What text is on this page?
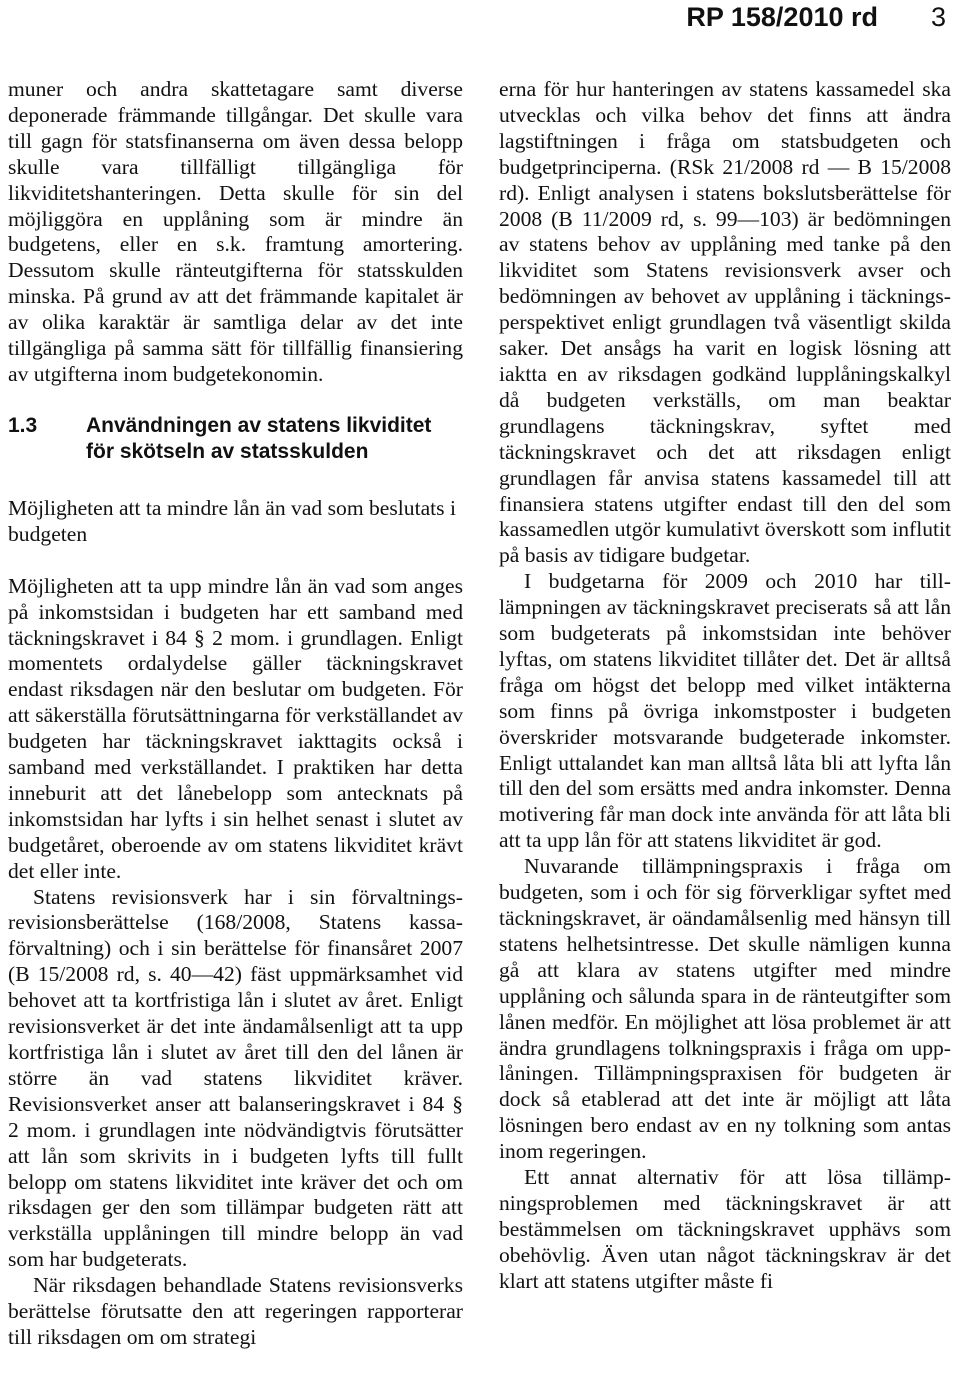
RP 158/2010 rd 3

muner och andra skattetagare samt diverse deponerade främmande tillgångar. Det skulle vara till gagn för statsfinanserna om även dessa belopp skulle vara tillfälligt tillgängliga för likviditetshanteringen. Detta skulle för sin del möjliggöra en upplåning som är mindre än budgetens, eller en s.k. framtung amortering. Dessutom skulle ränteutgifterna för statsskulden minska. På grund av att det främmande kapitalet är av olika karaktär är samtliga delar av det inte tillgängliga på samma sätt för tillfällig finansiering av utgifterna inom budgetekonomin.

1.3 Användningen av statens likviditet
för skötseln av statsskulden
Möjligheten att ta mindre lån än vad som beslutats i budgeten

Möjligheten att ta upp mindre lån än vad som anges på inkomstsidan i budgeten har ett samband med täckningskravet i 84 § 2 mom. i grundlagen. Enligt momentets ordalydelse gäller täckningskravet endast riksdagen när den beslutar om budgeten. För att säkerställa förutsättningarna för verkställandet av budgeten har täckningskravet iakttagits också i samband med verkställandet. I praktiken har detta inneburit att det lånebelopp som antecknats på inkomstsidan har lyfts i sin helhet senast i slutet av budgetåret, oberoende av om statens likviditet krävt det eller inte.

Statens revisionsverk har i sin förvaltningsrevisionsberättelse (168/2008, Statens kassaförvaltning) och i sin berättelse för finansåret 2007 (B 15/2008 rd, s. 40—42) fäst uppmärksamhet vid behovet att ta kortfristiga lån i slutet av året. Enligt revisionsverket är det inte ändamålsenligt att ta upp kortfristiga lån i slutet av året till den del lånen är större än vad statens likviditet kräver. Revisionsverket anser att balanseringskravet i 84 § 2 mom. i grundlagen inte nödvändigtvis förutsätter att lån som skrivits in i budgeten lyfts till fullt belopp om statens likviditet inte kräver det och om riksdagen ger den som tillämpar budgeten rätt att verkställa upplåningen till mindre belopp än vad som har budgeterats.

När riksdagen behandlade Statens revisionsverks berättelse förutsatte den att regeringen rapporterar till riksdagen om om strategi

erna för hur hanteringen av statens kassamedel ska utvecklas och vilka behov det finns att ändra lagstiftningen i fråga om statsbudgeten och budgetprinciperna. (RSk 21/2008 rd — B 15/2008 rd). Enligt analysen i statens bokslutsberättelse för 2008 (B 11/2009 rd, s. 99—103) är bedömningen av statens behov av upplåning med tanke på den likviditet som Statens revisionsverk avser och bedömningen av behovet av upplåning i täckningsperspektivet enligt grundlagen två väsentligt skilda saker. Det ansågs ha varit en logisk lösning att iaktta en av riksdagen godkänd lupplåningskalkyl då budgeten verkställs, om man beaktar grundlagens täckningskrav, syftet med täckningskravet och det att riksdagen enligt grundlagen får anvisa statens kassamedel till att finansiera statens utgifter endast till den del som kassamedlen utgör kumulativt överskott som influtit på basis av tidigare budgetar.

I budgetarna för 2009 och 2010 har tilllämpningen av täckningskravet preciserats så att lån som budgeterats på inkomstsidan inte behöver lyftas, om statens likviditet tillåter det. Det är alltså fråga om högst det belopp med vilket intäkterna som finns på övriga inkomstposter i budgeten överskrider motsvarande budgeterade inkomster. Enligt uttalandet kan man alltså låta bli att lyfta lån till den del som ersätts med andra inkomster. Denna motivering får man dock inte använda för att låta bli att ta upp lån för att statens likviditet är god.

Nuvarande tillämpningspraxis i fråga om budgeten, som i och för sig förverkligar syftet med täckningskravet, är oändamålsenlig med hänsyn till statens helhetsintresse. Det skulle nämligen kunna gå att klara av statens utgifter med mindre upplåning och sålunda spara in de ränteutgifter som lånen medför. En möjlighet att lösa problemet är att ändra grundlagens tolkningspraxis i fråga om upplåningen. Tillämpningspraxisen för budgeten är dock så etablerad att det inte är möjligt att låta lösningen bero endast av en ny tolkning som antas inom regeringen.

Ett annat alternativ för att lösa tillämpningsproblemen med täckningskravet är att bestämmelsen om täckningskravet upphävs som obehövlig. Även utan något täckningskrav är det klart att statens utgifter måste fi
